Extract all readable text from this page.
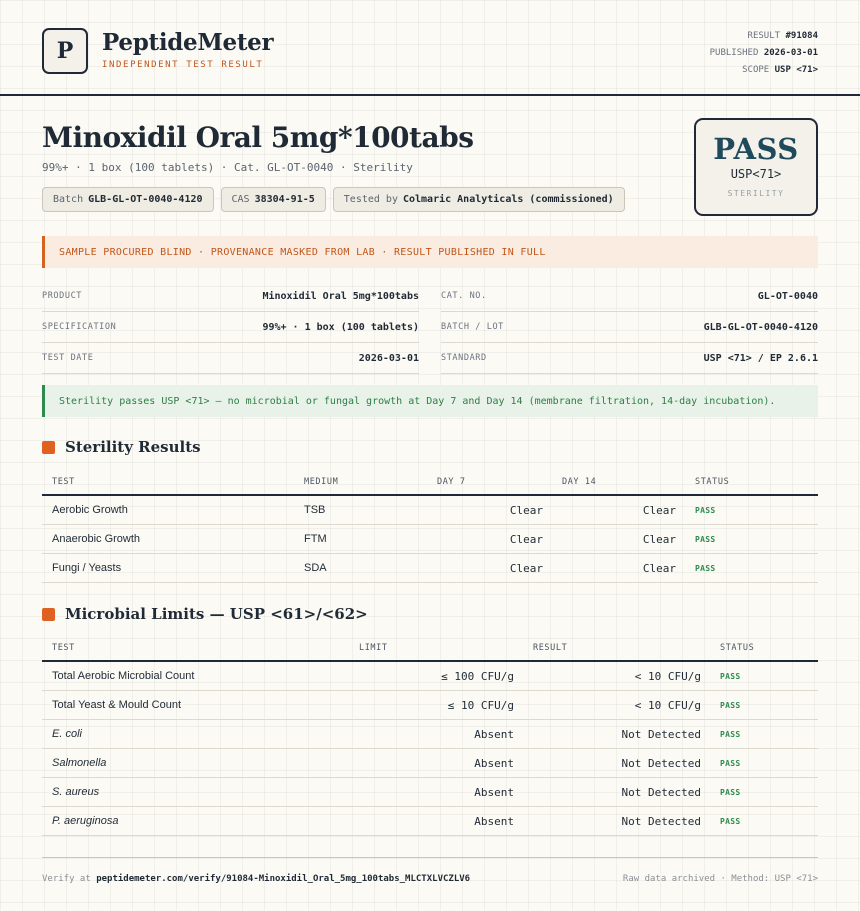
P	PeptideMeter
INDEPENDENT TEST RESULT
RESULT #91084
PUBLISHED 2026-03-01
SCOPE USP <71>
Minoxidil Oral 5mg*100tabs
99%+ · 1 box (100 tablets) · Cat. GL-OT-0040 · Sterility
Batch GLB-GL-OT-0040-4120	CAS 38304-91-5	Tested by Colmaric Analyticals (commissioned)
PASS
USP<71>
STERILITY
SAMPLE PROCURED BLIND · PROVENANCE MASKED FROM LAB · RESULT PUBLISHED IN FULL
PRODUCT	Minoxidil Oral 5mg*100tabs
SPECIFICATION	99%+ · 1 box (100 tablets)
TEST DATE	2026-03-01
CAT. NO.	GL-OT-0040
BATCH / LOT	GLB-GL-OT-0040-4120
STANDARD	USP <71> / EP 2.6.1
Sterility passes USP <71> — no microbial or fungal growth at Day 7 and Day 14 (membrane filtration, 14-day incubation).
Sterility Results
TEST	MEDIUM	DAY 7	DAY 14	STATUS
Aerobic Growth	TSB	Clear	Clear PASS
Anaerobic Growth	FTM	Clear	Clear PASS
Fungi / Yeasts	SDA	Clear	Clear PASS
Microbial Limits — USP <61>/<62>
TEST	LIMIT	RESULT	STATUS
Total Aerobic Microbial Count	≤ 100 CFU/g	< 10 CFU/g PASS
Total Yeast & Mould Count	≤ 10 CFU/g	< 10 CFU/g PASS
E. coli	Absent	Not Detected PASS
Salmonella	Absent	Not Detected PASS
S. aureus	Absent	Not Detected PASS
P. aeruginosa	Absent	Not Detected PASS
Verify at peptidemeter.com/verify/91084-Minoxidil_Oral_5mg_100tabs_MLCTXLVCZLV6	Raw data archived · Method: USP <71>
